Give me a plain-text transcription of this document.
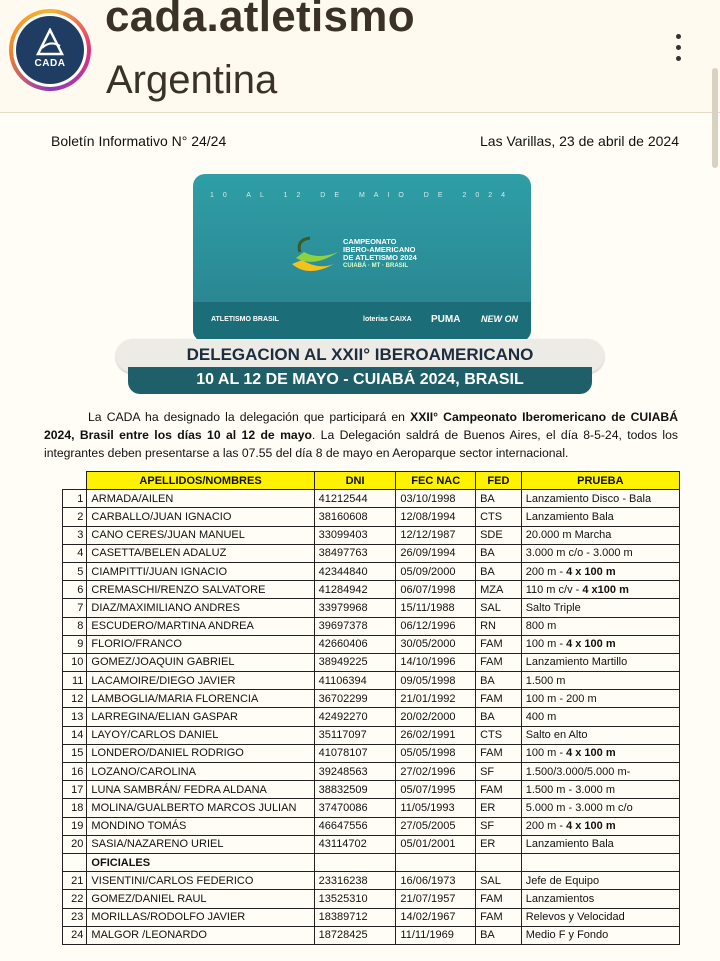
CADA
cada.atletismo
Argentina
Boletín Informativo N° 24/24	Las Varillas, 23 de abril de 2024
10 AL 12 DE MAIO DE 2024
CAMPEONATO
IBERO-AMERICANO
DE ATLETISMO 2024
CUIABÁ · MT · BRASIL
ATLETISMO BRASIL	loterias CAIXA	PUMA NEW ON
DELEGACION AL XXII° IBEROAMERICANO
10 AL 12 DE MAYO - CUIABÁ 2024, BRASIL
La CADA ha designado la delegación que participará en XXII° Campeonato Iberomericano de CUIABÁ 2024, Brasil entre los días 10 al 12 de mayo. La Delegación saldrá de Buenos Aires, el día 8-5-24, todos los integrantes deben presentarse a las 07.55 del día 8 de mayo en Aeroparque sector internacional.
	APELLIDOS/NOMBRES	DNI	FEC NAC	FED	PRUEBA
1	ARMADA/AILEN	41212544	03/10/1998	BA	Lanzamiento Disco - Bala
2	CARBALLO/JUAN IGNACIO	38160608	12/08/1994	CTS	Lanzamiento Bala
3	CANO CERES/JUAN MANUEL	33099403	12/12/1987	SDE	20.000 m Marcha
4	CASETTA/BELEN ADALUZ	38497763	26/09/1994	BA	3.000 m c/o - 3.000 m
5	CIAMPITTI/JUAN IGNACIO	42344840	05/09/2000	BA	200 m - 4 x 100 m
6	CREMASCHI/RENZO SALVATORE	41284942	06/07/1998	MZA	110 m c/v - 4 x100 m
7	DIAZ/MAXIMILIANO ANDRES	33979968	15/11/1988	SAL	Salto Triple
8	ESCUDERO/MARTINA ANDREA	39697378	06/12/1996	RN	800 m
9	FLORIO/FRANCO	42660406	30/05/2000	FAM	100 m - 4 x 100 m
10	GOMEZ/JOAQUIN GABRIEL	38949225	14/10/1996	FAM	Lanzamiento Martillo
11	LACAMOIRE/DIEGO JAVIER	41106394	09/05/1998	BA	1.500 m
12	LAMBOGLIA/MARIA FLORENCIA	36702299	21/01/1992	FAM	100 m - 200 m
13	LARREGINA/ELIAN GASPAR	42492270	20/02/2000	BA	400 m
14	LAYOY/CARLOS DANIEL	35117097	26/02/1991	CTS	Salto en Alto
15	LONDERO/DANIEL RODRIGO	41078107	05/05/1998	FAM	100 m - 4 x 100 m
16	LOZANO/CAROLINA	39248563	27/02/1996	SF	1.500/3.000/5.000 m-
17	LUNA SAMBRÁN/ FEDRA ALDANA	38832509	05/07/1995	FAM	1.500 m - 3.000 m
18	MOLINA/GUALBERTO MARCOS JULIAN	37470086	11/05/1993	ER	5.000 m - 3.000 m c/o
19	MONDINO TOMÁS	46647556	27/05/2005	SF	200 m - 4 x 100 m
20	SASIA/NAZARENO URIEL	43114702	05/01/2001	ER	Lanzamiento Bala
	OFICIALES				
21	VISENTINI/CARLOS FEDERICO	23316238	16/06/1973	SAL	Jefe de Equipo
22	GOMEZ/DANIEL RAUL	13525310	21/07/1957	FAM	Lanzamientos
23	MORILLAS/RODOLFO JAVIER	18389712	14/02/1967	FAM	Relevos y Velocidad
24	MALGOR /LEONARDO	18728425	11/11/1969	BA	Medio F y Fondo
